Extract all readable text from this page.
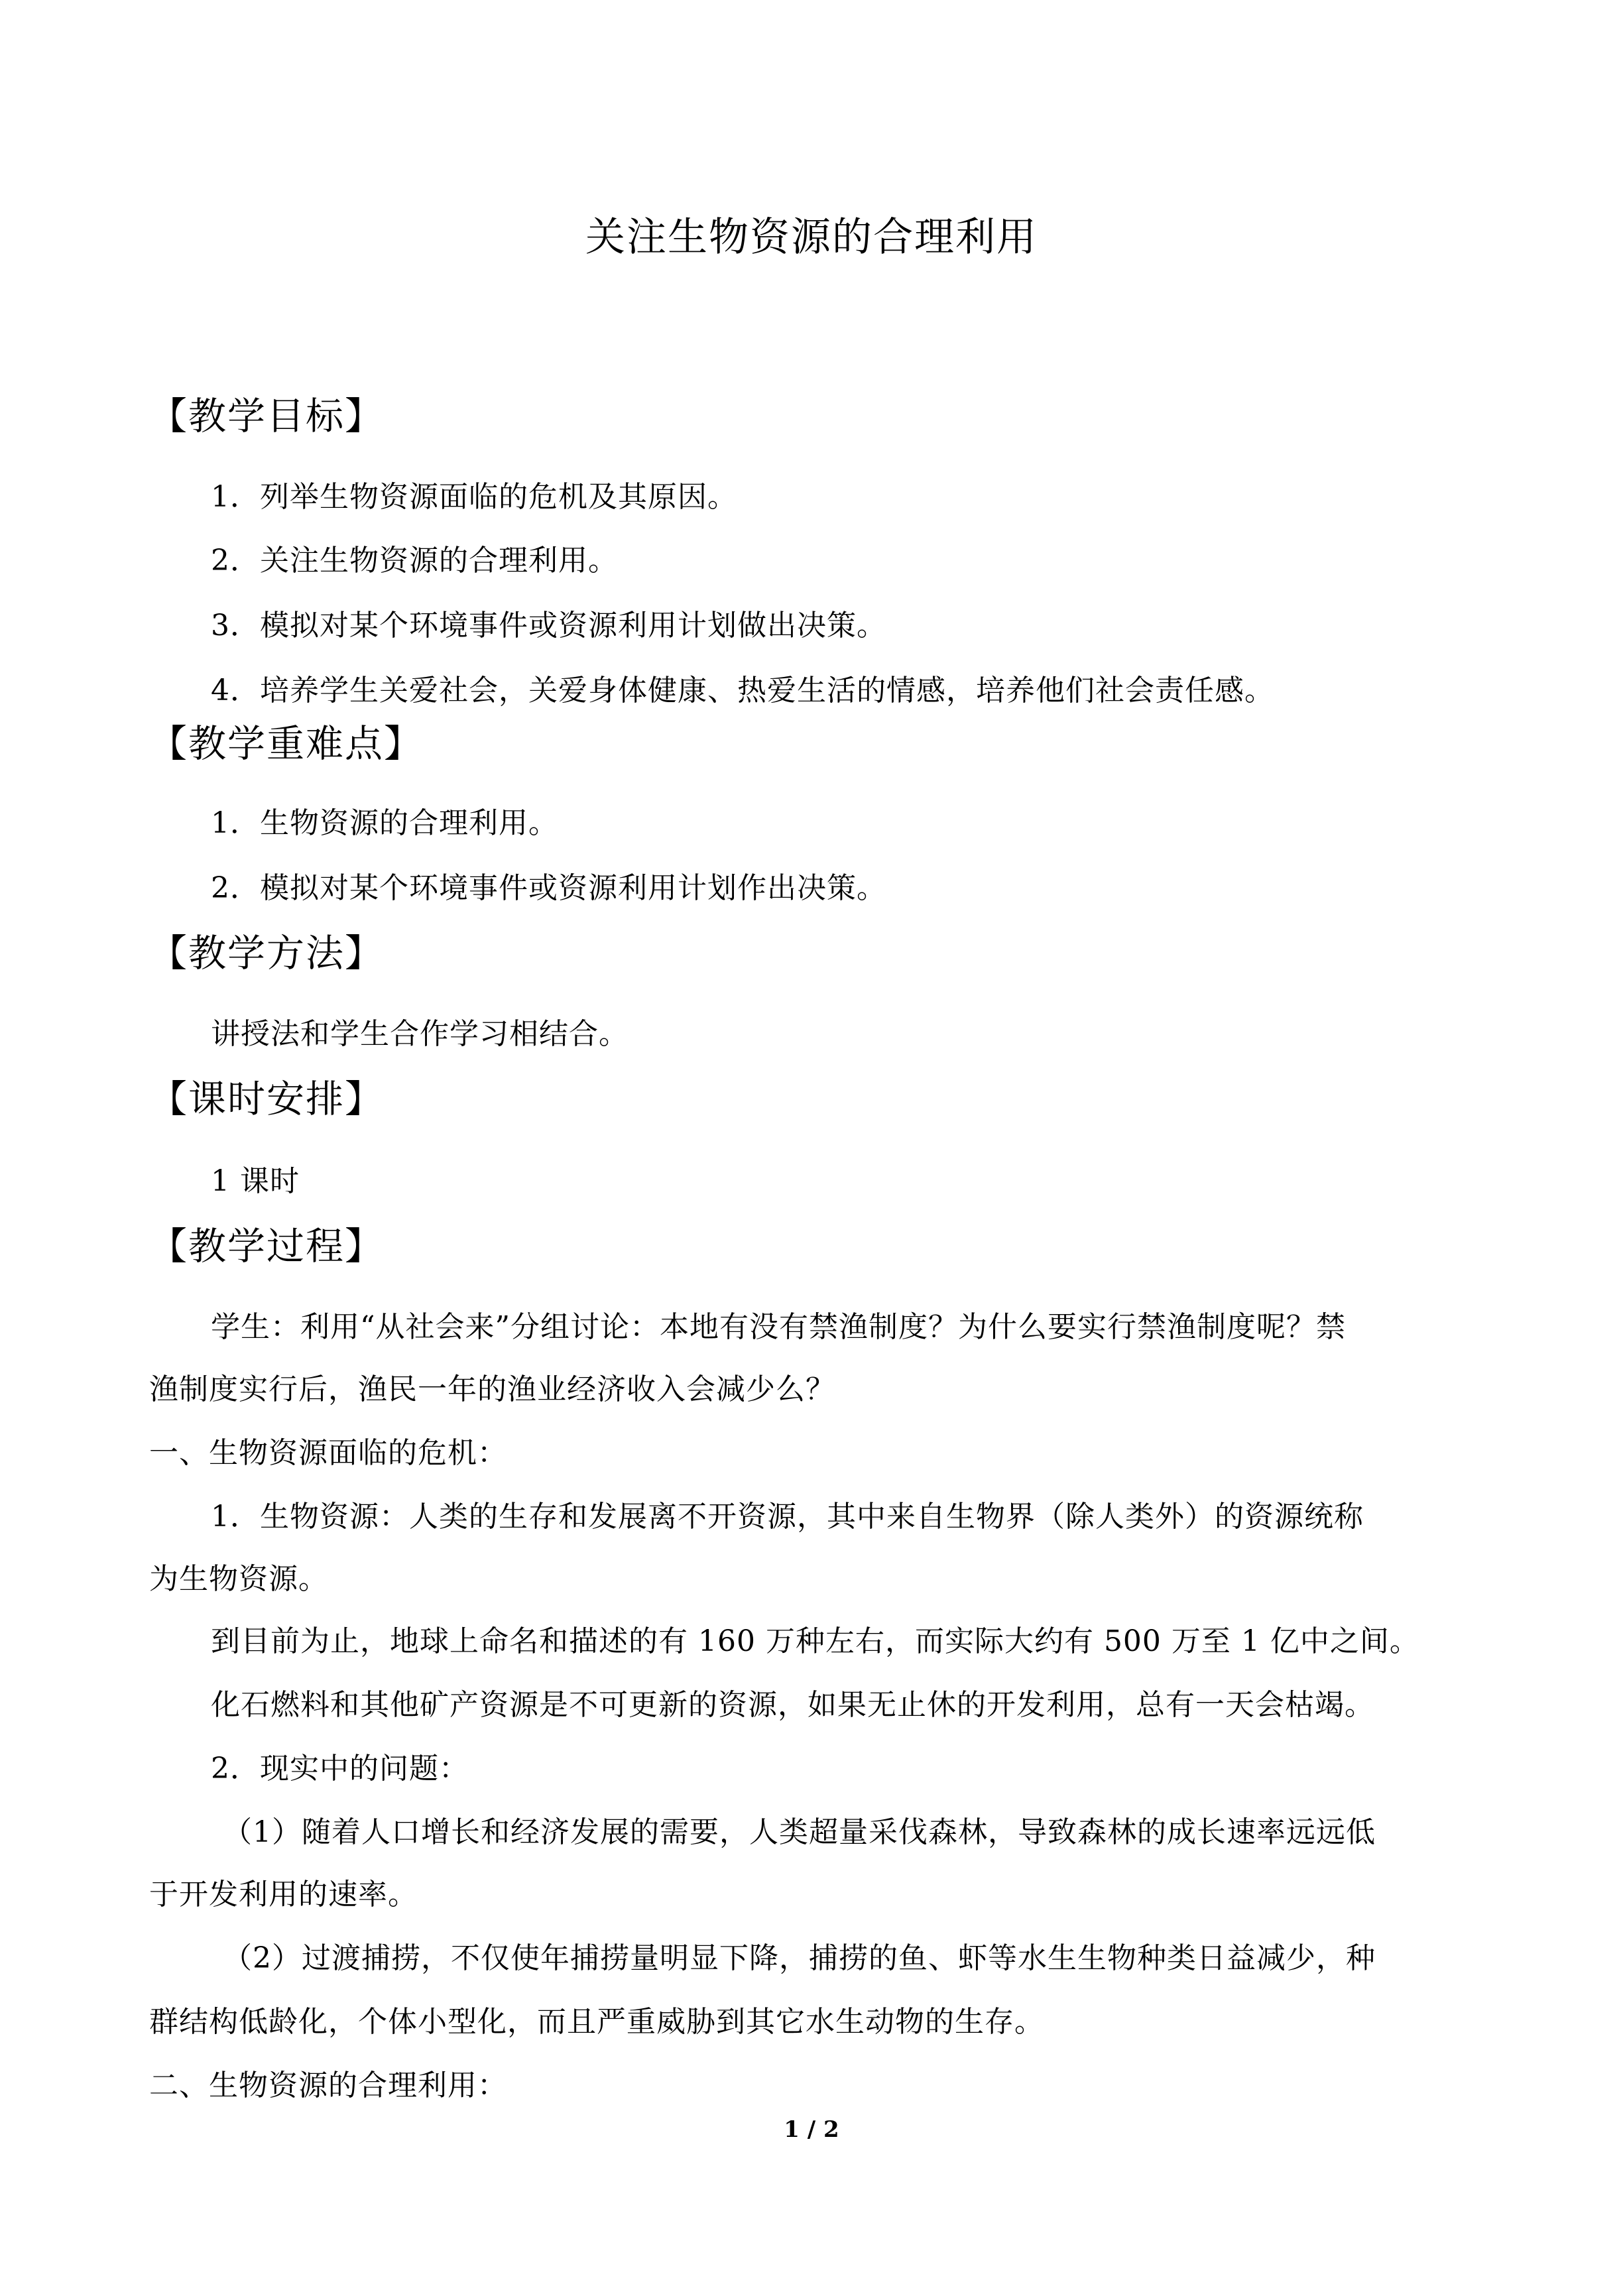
关注生物资源的合理利用
【教学目标】
1．列举生物资源面临的危机及其原因。
2．关注生物资源的合理利用。
3．模拟对某个环境事件或资源利用计划做出决策。
4．培养学生关爱社会，关爱身体健康、热爱生活的情感，培养他们社会责任感。
【教学重难点】
1．生物资源的合理利用。
2．模拟对某个环境事件或资源利用计划作出决策。
【教学方法】
讲授法和学生合作学习相结合。
【课时安排】
1 课时
【教学过程】
学生：利用“从社会来”分组讨论：本地有没有禁渔制度？为什么要实行禁渔制度呢？禁
渔制度实行后，渔民一年的渔业经济收入会减少么？
一、生物资源面临的危机：
1．生物资源：人类的生存和发展离不开资源，其中来自生物界（除人类外）的资源统称
为生物资源。
到目前为止，地球上命名和描述的有 160 万种左右，而实际大约有 500 万至 1 亿中之间。
化石燃料和其他矿产资源是不可更新的资源，如果无止休的开发利用，总有一天会枯竭。
2．现实中的问题：
（1）随着人口增长和经济发展的需要，人类超量采伐森林，导致森林的成长速率远远低
于开发利用的速率。
（2）过渡捕捞，不仅使年捕捞量明显下降，捕捞的鱼、虾等水生生物种类日益减少，种
群结构低龄化，个体小型化，而且严重威胁到其它水生动物的生存。
二、生物资源的合理利用：
1 / 2
